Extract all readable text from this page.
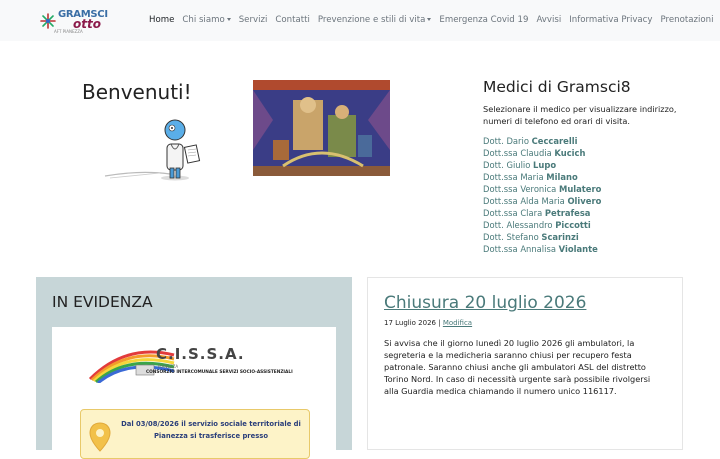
GRAMSCI
otto
AFT PIANEZZA
Home Chi siamo	Servizi Contatti Prevenzione e stili di vita	Emergenza Covid 19 Avvisi Informativa Privacy Prenotazioni
Benvenuti!	Medici di Gramsci8
Selezionare il medico per visualizzare indirizzo, numeri di telefono ed orari di visita.
Dott. Dario Ceccarelli
Dott.ssa Claudia Kucich
Dott. Giulio Lupo
Dott.ssa Maria Milano
Dott.ssa Veronica Mulatero
Dott.ssa Alda Maria Olivero
Dott.ssa Clara Petrafesa
Dott. Alessandro Piccotti
Dott. Stefano Scarinzi
Dott.ssa Annalisa Violante
IN EVIDENZA
C.I.S.S.A.
PIANEZZA
CONSORZIO INTERCOMUNALE SERVIZI SOCIO-ASSISTENZIALI
Dal 03/08/2026 il servizio sociale territoriale di Pianezza si trasferisce presso
Chiusura 20 luglio 2026
17 Luglio 2026 | Modifica
Si avvisa che il giorno lunedì 20 luglio 2026 gli ambulatori, la segreteria e la medicheria saranno chiusi per recupero festa patronale. Saranno chiusi anche gli ambulatori ASL del distretto Torino Nord. In caso di necessità urgente sarà possibile rivolgersi alla Guardia medica chiamando il numero unico 116117.
